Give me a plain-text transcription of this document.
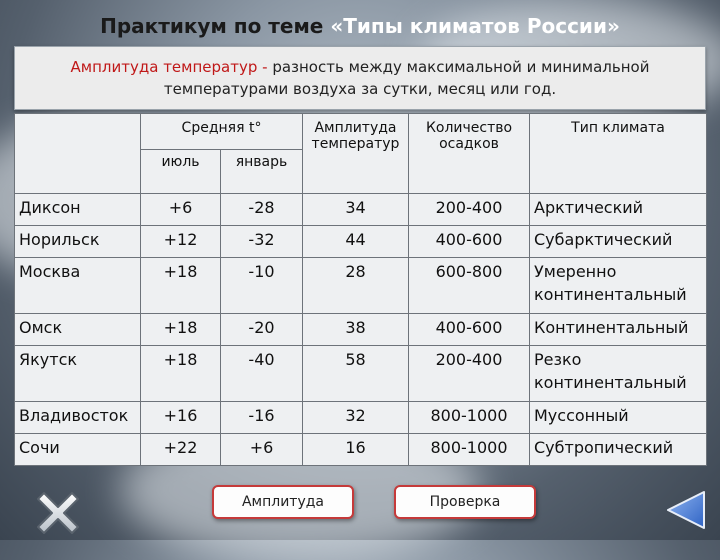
Практикум по теме «Типы климатов России»
Амплитуда температур - разность между максимальной и минимальной температурами воздуха за сутки, месяц или год.
	Средняя t°		Амплитуда температур	Количество осадков	Тип климата
	июль	январь			
Диксон	+6	-28	34	200-400	Арктический
Норильск	+12	-32	44	400-600	Субарктический
Москва	+18	-10	28	600-800	Умеренно континентальный
Омск	+18	-20	38	400-600	Континентальный
Якутск	+18	-40	58	200-400	Резко континентальный
Владивосток	+16	-16	32	800-1000	Муссонный
Сочи	+22	+6	16	800-1000	Субтропический
Амплитуда	Проверка
